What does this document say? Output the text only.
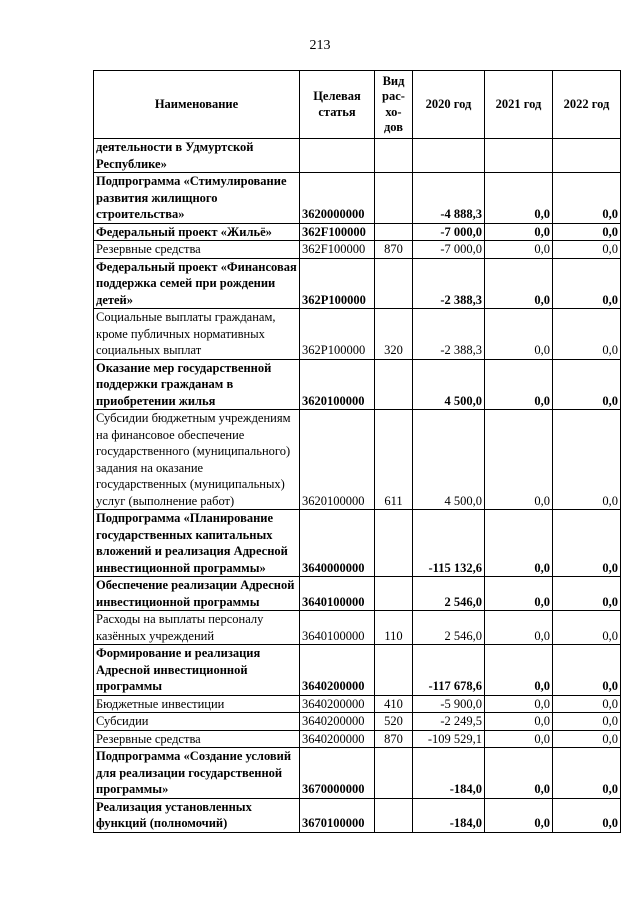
213
Наименование	Целевая статья	Вид рас-хо-дов	2020 год	2021 год	2022 год
деятельности в Удмуртской Республике»					
Подпрограмма «Стимулирование развития жилищного строительства»	3620000000		-4 888,3	0,0	0,0
Федеральный проект «Жильё»	362F100000		-7 000,0	0,0	0,0
Резервные средства	362F100000	870	-7 000,0	0,0	0,0
Федеральный проект «Финансовая поддержка семей при рождении детей»	362P100000		-2 388,3	0,0	0,0
Социальные выплаты гражданам, кроме публичных нормативных социальных выплат	362P100000	320	-2 388,3	0,0	0,0
Оказание мер государственной поддержки гражданам в приобретении жилья	3620100000		4 500,0	0,0	0,0
Субсидии бюджетным учреждениям на финансовое обеспечение государственного (муниципального) задания на оказание государственных (муниципальных) услуг (выполнение работ)	3620100000	611	4 500,0	0,0	0,0
Подпрограмма «Планирование государственных капитальных вложений и реализация Адресной инвестиционной программы»	3640000000		-115 132,6	0,0	0,0
Обеспечение реализации Адресной инвестиционной программы	3640100000		2 546,0	0,0	0,0
Расходы на выплаты персоналу казённых учреждений	3640100000	110	2 546,0	0,0	0,0
Формирование и реализация Адресной инвестиционной программы	3640200000		-117 678,6	0,0	0,0
Бюджетные инвестиции	3640200000	410	-5 900,0	0,0	0,0
Субсидии	3640200000	520	-2 249,5	0,0	0,0
Резервные средства	3640200000	870	-109 529,1	0,0	0,0
Подпрограмма «Создание условий для реализации государственной программы»	3670000000		-184,0	0,0	0,0
Реализация установленных функций (полномочий)	3670100000		-184,0	0,0	0,0
